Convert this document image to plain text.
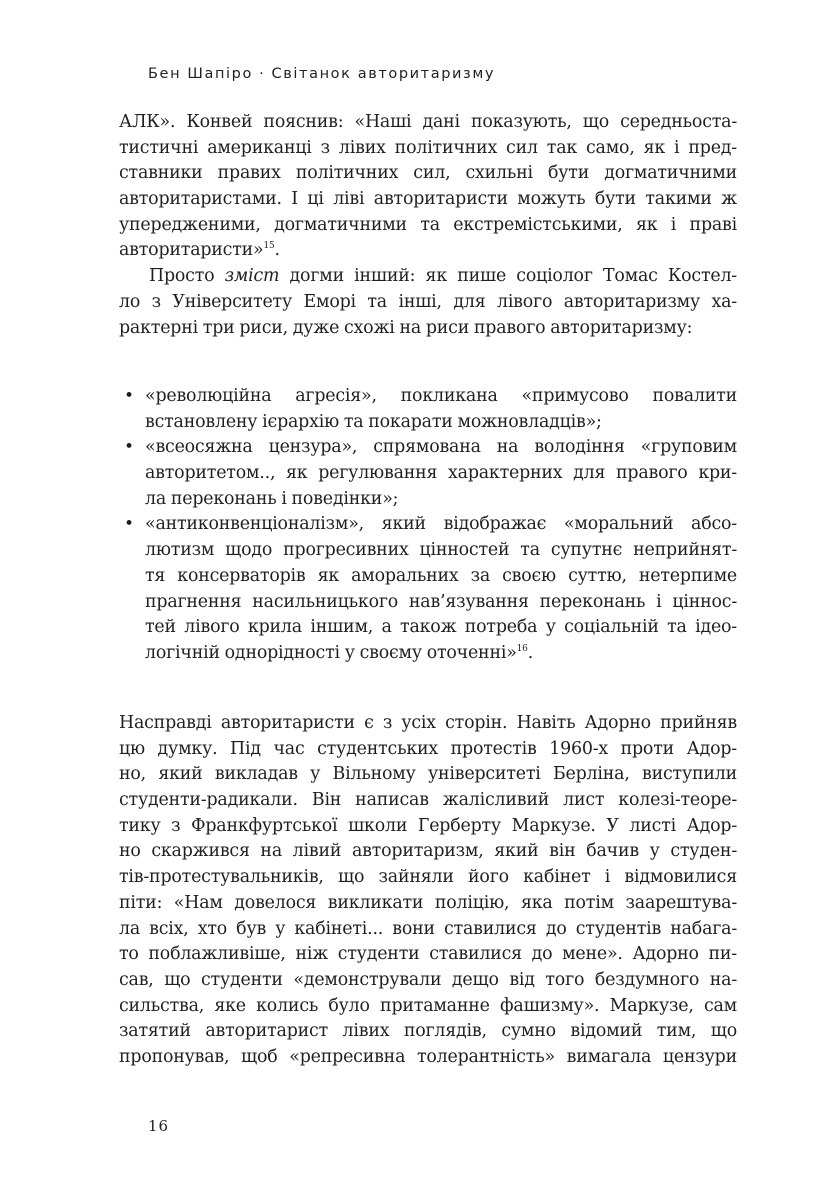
Бен Шапіро · Світанок авторитаризму
АЛК». Конвей пояснив: «Наші дані показують, що середньоста-
тистичні американці з лівих політичних сил так само, як і пред-
ставники правих політичних сил, схильні бути догматичними
авторитаристами. І ці ліві авторитаристи можуть бути такими ж
упередженими, догматичними та екстремістськими, як і праві
авторитаристи»$^{15}$.
Просто зміст догми інший: як пише соціолог Томас Костел-
ло з Університету Еморі та інші, для лівого авторитаризму ха-
рактерні три риси, дуже схожі на риси правого авторитаризму:
• «революційна агресія», покликана «примусово повалити
встановлену ієрархію та покарати можновладців»;
• «всеосяжна цензура», спрямована на володіння «груповим
авторитетом.., як регулювання характерних для правого кри-
ла переконань і поведінки»;
• «антиконвенціоналізм», який відображає «моральний абсо-
лютизм щодо прогресивних цінностей та супутнє неприйнят-
тя консерваторів як аморальних за своєю суттю, нетерпиме
прагнення насильницького нав’язування переконань і ціннос-
тей лівого крила іншим, а також потреба у соціальній та ідео-
логічній однорідності у своєму оточенні»$^{16}$.
Насправді авторитаристи є з усіх сторін. Навіть Адорно прийняв
цю думку. Під час студентських протестів 1960-х проти Адор-
но, який викладав у Вільному університеті Берліна, виступили
студенти-радикали. Він написав жалісливий лист колезі-теоре-
тику з Франкфуртської школи Герберту Маркузе. У листі Адор-
но скаржився на лівий авторитаризм, який він бачив у студен-
тів-протестувальників, що зайняли його кабінет і відмовилися
піти: «Нам довелося викликати поліцію, яка потім заарештува-
ла всіх, хто був у кабінеті... вони ставилися до студентів набага-
то поблажливіше, ніж студенти ставилися до мене». Адорно пи-
сав, що студенти «демонстрували дещо від того бездумного на-
сильства, яке колись було притаманне фашизму». Маркузе, сам
затятий авторитарист лівих поглядів, сумно відомий тим, що
пропонував, щоб «репресивна толерантність» вимагала цензури
16
